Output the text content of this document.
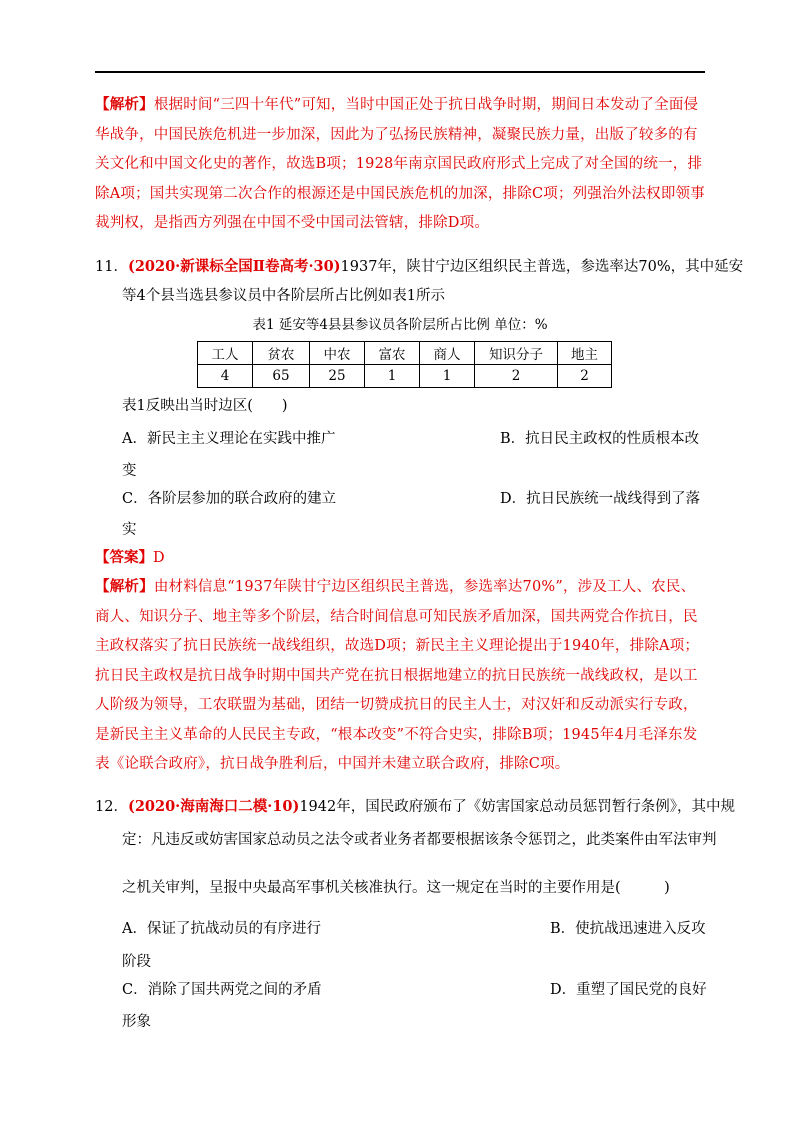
【解析】根据时间“三四十年代”可知，当时中国正处于抗日战争时期，期间日本发动了全面侵华战争，中国民族危机进一步加深，因此为了弘扬民族精神，凝聚民族力量，出版了较多的有关文化和中国文化史的著作，故选B项；1928年南京国民政府形式上完成了对全国的统一，排除A项；国共实现第二次合作的根源还是中国民族危机的加深，排除C项；列强治外法权即领事裁判权，是指西方列强在中国不受中国司法管辖，排除D项。
11．(2020·新课标全国Ⅱ卷高考·30)1937年，陕甘宁边区组织民主普选，参选率达70%，其中延安
等4个县当选县参议员中各阶层所占比例如表1所示
表1 延安等4县县参议员各阶层所占比例 单位：%
工人	贫农	中农	富农	商人	知识分子	地主
4	65	25	1	1	2	2
表1反映出当时边区(　　)
A．新民主主义理论在实践中推广	B．抗日民主政权的性质根本改
变
C．各阶层参加的联合政府的建立	D．抗日民族统一战线得到了落
实
【答案】D
【解析】由材料信息“1937年陕甘宁边区组织民主普选，参选率达70%”，涉及工人、农民、商人、知识分子、地主等多个阶层，结合时间信息可知民族矛盾加深，国共两党合作抗日，民主政权落实了抗日民族统一战线组织，故选D项；新民主主义理论提出于1940年，排除A项；抗日民主政权是抗日战争时期中国共产党在抗日根据地建立的抗日民族统一战线政权，是以工人阶级为领导，工农联盟为基础，团结一切赞成抗日的民主人士，对汉奸和反动派实行专政，是新民主主义革命的人民民主专政，“根本改变”不符合史实，排除B项；1945年4月毛泽东发表《论联合政府》，抗日战争胜利后，中国并未建立联合政府，排除C项。
12．(2020·海南海口二模·10)1942年，国民政府颁布了《妨害国家总动员惩罚暂行条例》，其中规
定：凡违反或妨害国家总动员之法令或者业务者都要根据该条令惩罚之，此类案件由军法审判
之机关审判，呈报中央最高军事机关核准执行。这一规定在当时的主要作用是(　　　)
A．保证了抗战动员的有序进行	B．使抗战迅速进入反攻
阶段
C．消除了国共两党之间的矛盾	D．重塑了国民党的良好
形象
